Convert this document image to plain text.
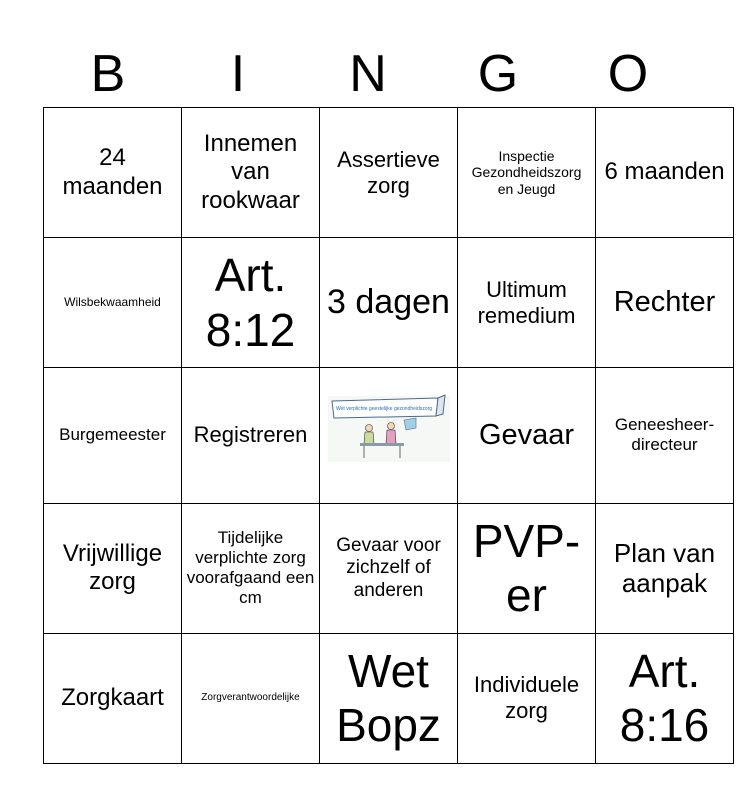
B	I	N	G	O
24 maanden	Innemen van rookwaar	Assertieve zorg	Inspectie Gezondheidszorg en Jeugd	6 maanden
Wilsbekwaamheid	Art. 8:12	3 dagen	Ultimum remedium	Rechter
Burgemeester	Registreren	Wet verplichte geestelijke gezondheidszorg	Gevaar	Geneesheer-directeur
Vrijwillige zorg	Tijdelijke verplichte zorg voorafgaand een cm	Gevaar voor zichzelf of anderen	PVP-er	Plan van aanpak
Zorgkaart	Zorgverantwoordelijke	Wet Bopz	Individuele zorg	Art. 8:16
